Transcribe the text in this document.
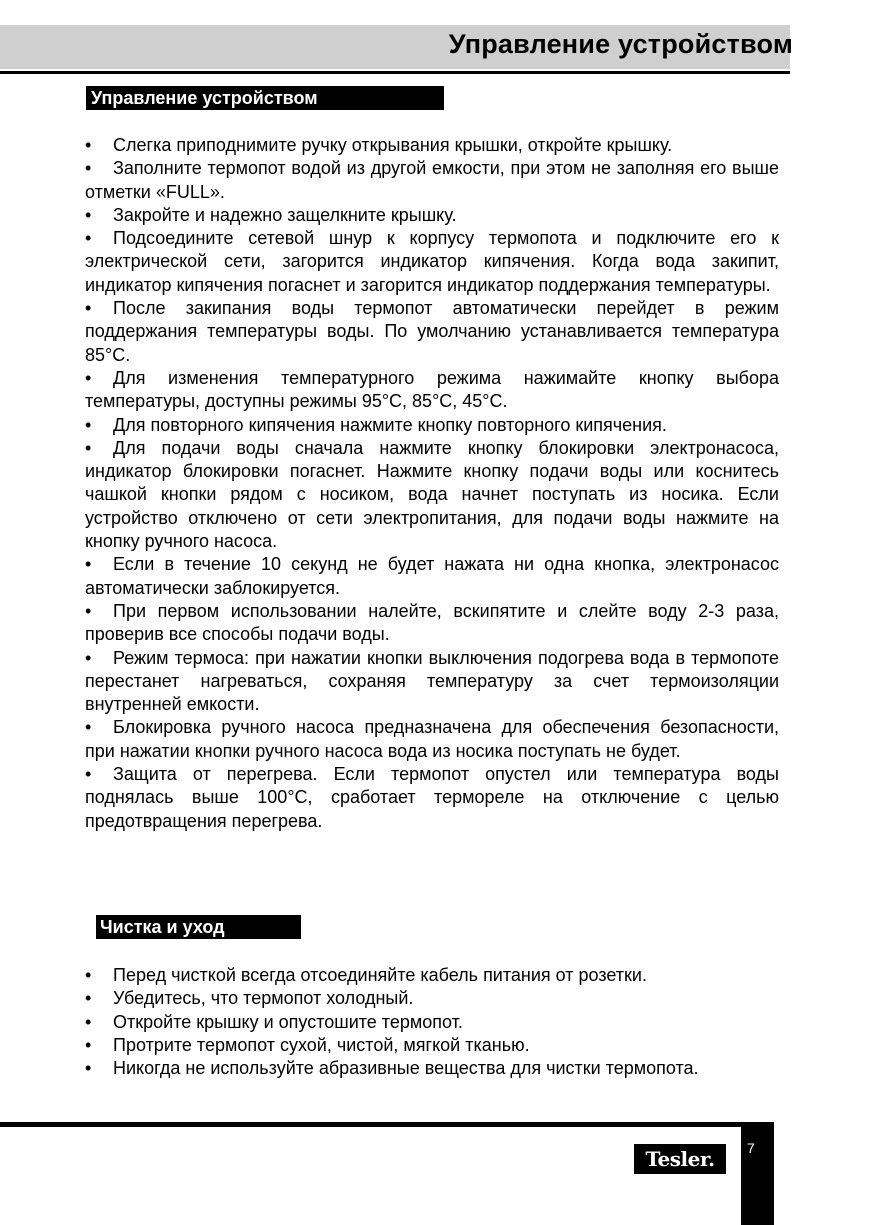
Управление устройством
Управление устройством

• Слегка приподнимите ручку открывания крышки, откройте крышку.

• Заполните термопот водой из другой емкости, при этом не заполняя его выше отметки «FULL».

• Закройте и надежно защелкните крышку.

• Подсоедините сетевой шнур к корпусу термопота и подключите его к электрической сети, загорится индикатор кипячения. Когда вода закипит, индикатор кипячения погаснет и загорится индикатор поддержания температуры.

• После закипания воды термопот автоматически перейдет в режим поддержания температуры воды. По умолчанию устанавливается температура 85°С.

• Для изменения температурного режима нажимайте кнопку выбора температуры, доступны режимы 95°С, 85°С, 45°С.

• Для повторного кипячения нажмите кнопку повторного кипячения.

• Для подачи воды сначала нажмите кнопку блокировки электронасоса, индикатор блокировки погаснет. Нажмите кнопку подачи воды или коснитесь чашкой кнопки рядом с носиком, вода начнет поступать из носика. Если устройство отключено от сети электропитания, для подачи воды нажмите на кнопку ручного насоса.

• Если в течение 10 секунд не будет нажата ни одна кнопка, электронасос автоматически заблокируется.

• При первом использовании налейте, вскипятите и слейте воду 2-3 раза, проверив все способы подачи воды.

• Режим термоса: при нажатии кнопки выключения подогрева вода в термопоте перестанет нагреваться, сохраняя температуру за счет термоизоляции внутренней емкости.

• Блокировка ручного насоса предназначена для обеспечения безопасности, при нажатии кнопки ручного насоса вода из носика поступать не будет.

• Защита от перегрева. Если термопот опустел или температура воды поднялась выше 100°С, сработает термореле на отключение с целью предотвращения перегрева.

Чистка и уход

• Перед чисткой всегда отсоединяйте кабель питания от розетки.

• Убедитесь, что термопот холодный.

• Откройте крышку и опустошите термопот.

• Протрите термопот сухой, чистой, мягкой тканью.

• Никогда не используйте абразивные вещества для чистки термопота.

Tesler.	7
